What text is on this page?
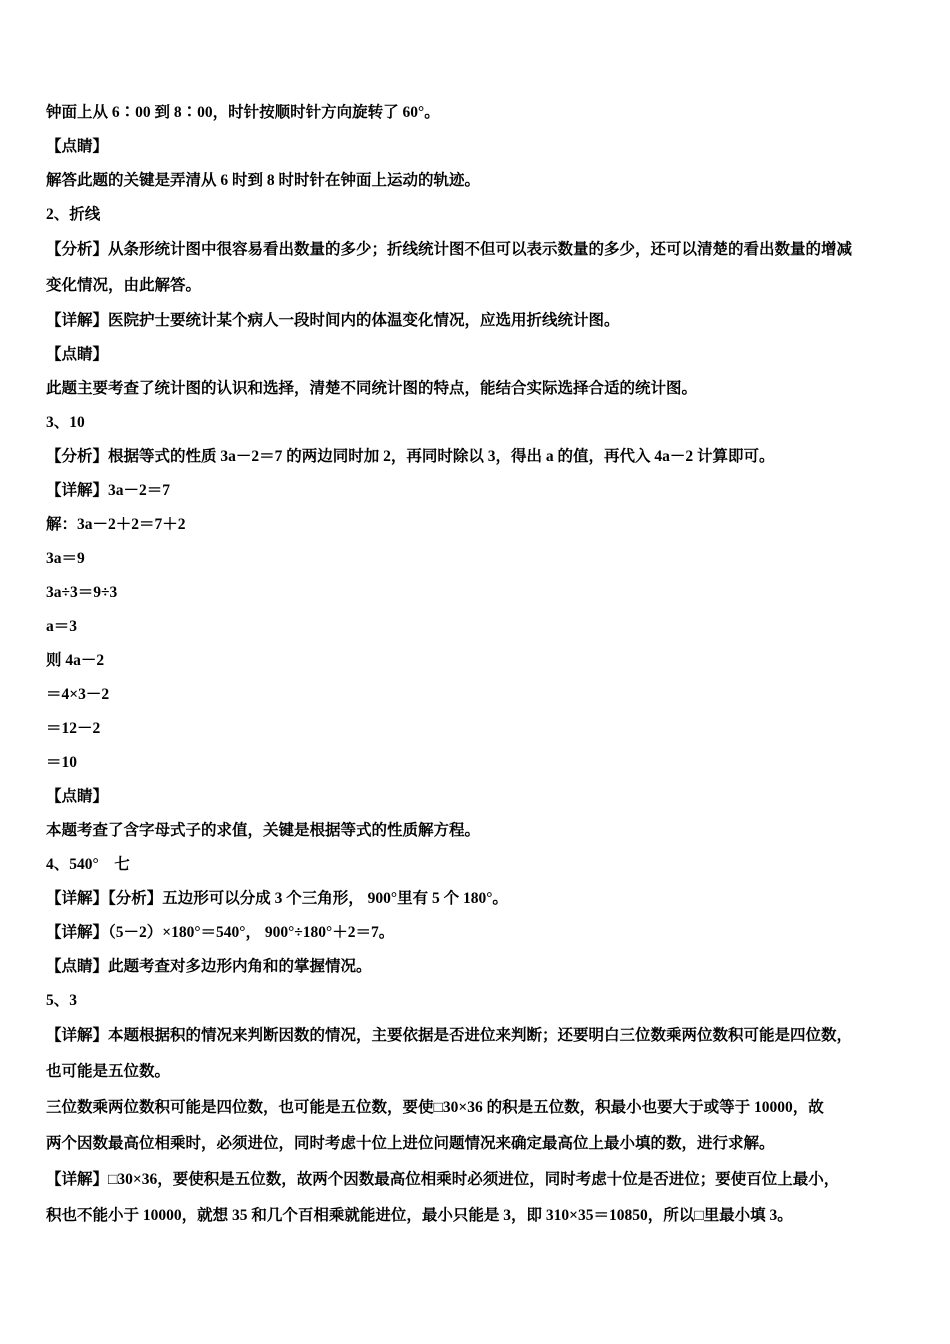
钟面上从 6∶00 到 8∶00，时针按顺时针方向旋转了 60°。
【点睛】
解答此题的关键是弄清从 6 时到 8 时时针在钟面上运动的轨迹。
2、折线
【分析】从条形统计图中很容易看出数量的多少；折线统计图不但可以表示数量的多少，还可以清楚的看出数量的增减
变化情况，由此解答。
【详解】医院护士要统计某个病人一段时间内的体温变化情况，应选用折线统计图。
【点睛】
此题主要考查了统计图的认识和选择，清楚不同统计图的特点，能结合实际选择合适的统计图。
3、10
【分析】根据等式的性质 3a－2＝7 的两边同时加 2，再同时除以 3，得出 a 的值，再代入 4a－2 计算即可。
【详解】3a－2＝7
解：3a－2＋2＝7＋2
3a＝9
3a÷3＝9÷3
a＝3
则 4a－2
＝4×3－2
＝12－2
＝10
【点睛】
本题考查了含字母式子的求值，关键是根据等式的性质解方程。
4、540°　七
【详解】【分析】五边形可以分成 3 个三角形， 900°里有 5 个 180°。
【详解】（5－2）×180°＝540°， 900°÷180°＋2＝7。
【点睛】此题考查对多边形内角和的掌握情况。
5、3
【详解】本题根据积的情况来判断因数的情况，主要依据是否进位来判断；还要明白三位数乘两位数积可能是四位数，
也可能是五位数。
三位数乘两位数积可能是四位数，也可能是五位数，要使□30×36 的积是五位数，积最小也要大于或等于 10000，故
两个因数最高位相乘时，必须进位，同时考虑十位上进位问题情况来确定最高位上最小填的数，进行求解。
【详解】□30×36，要使积是五位数，故两个因数最高位相乘时必须进位，同时考虑十位是否进位；要使百位上最小，
积也不能小于 10000，就想 35 和几个百相乘就能进位，最小只能是 3，即 310×35＝10850，所以□里最小填 3。
